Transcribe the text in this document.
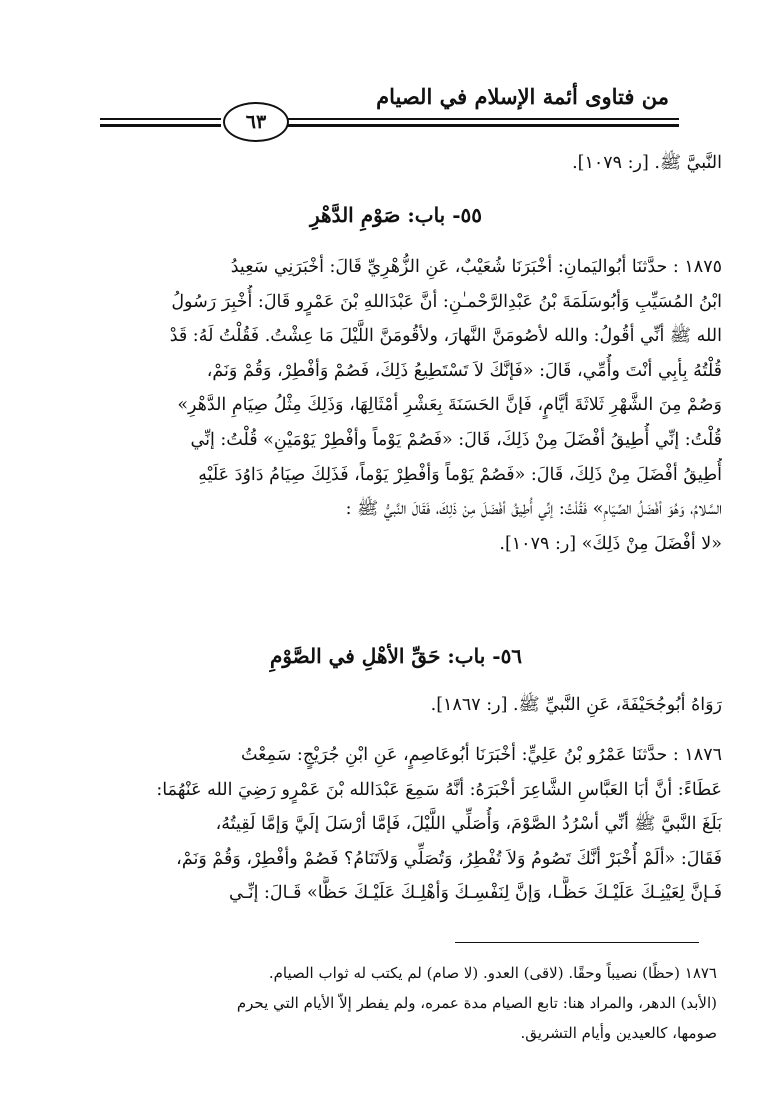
من فتاوى أئمة الإسلام في الصيام
٦٣
النَّبيَّ ﷺ. [ر: ١٠٧٩].
٥٥- باب: صَوْمِ الدَّهْرِ
١٨٧٥ : حدَّثنَا أبُواليَمانِ: أخْبَرَنَا شُعَيْبٌ، عَنِ الزُّهْرِيِّ قَالَ: أخْبَرَنِي سَعِيدُ
ابْنُ المُسَيِّبِ وَأبُوسَلَمَةَ بْنُ عَبْدِالرَّحْمـٰنِ: أنَّ عَبْدَاللهِ بْنَ عَمْرٍو قَالَ: أُخْبِرَ رَسُولُ
الله ﷺ أنِّي أقُولُ: والله لأصُومَنَّ النَّهارَ، ولأقُومَنَّ اللَّيْلَ مَا عِشْتُ. فَقُلْتُ لَهُ: قَدْ
قُلْتُهُ بِأبِي أنْتَ وأُمِّي، قَالَ: «فَإنَّكَ لاَ تَسْتَطِيعُ ذَلِكَ، فَصُمْ وَأفْطِرْ، وَقُمْ وَنَمْ،
وَصُمْ مِنَ الشَّهْرِ ثَلاثَةَ أيَّامٍ، فَإنَّ الحَسَنَةَ بِعَشْرِ أمْثَالِهَا، وَذَلِكَ مِثْلُ صِيَامِ الدَّهْرِ»
قُلْتُ: إنِّي أُطِيقُ أفْضَلَ مِنْ ذَلِكَ، قَالَ: «فَصُمْ يَوْماً وأفْطِرْ يَوْمَيْنِ» قُلْتُ: إنِّي
أُطِيقُ أفْضَلَ مِنْ ذَلِكَ، قَالَ: «فَصُمْ يَوْماً وَأفْطِرْ يَوْماً، فَذَلِكَ صِيَامُ دَاوُدَ عَلَيْهِ
السَّلامُ، وَهُوَ أفْضَلُ الصِّيَامِ» فَقُلْتُ: إنِّي أُطِيقُ أفْضَلَ مِنْ ذَلِكَ، فَقَالَ النَّبيُّ ﷺ :
«لا أفْضَلَ مِنْ ذَلِكَ» [ر: ١٠٧٩].
٥٦- باب: حَقِّ الأهْلِ في الصَّوْمِ
رَوَاهُ أبُوجُحَيْفَةَ، عَنِ النَّبيِّ ﷺ. [ر: ١٨٦٧].
١٨٧٦ : حدَّثنَا عَمْرُو بْنُ عَلِيٍّ: أخْبَرَنَا أبُوعَاصِمٍ، عَنِ ابْنِ جُرَيْجٍ: سَمِعْتُ
عَطَاءً: أنَّ أبَا العَبَّاسِ الشَّاعِرَ أخْبَرَهُ: أنَّهُ سَمِعَ عَبْدَالله بْنَ عَمْرٍو رَضِيَ الله عَنْهُمَا:
بَلَغَ النَّبيَّ ﷺ أنِّي أسْرُدُ الصَّوْمَ، وَأُصَلِّي اللَّيْلَ، فَإمَّا أرْسَلَ إلَيَّ وَإمَّا لَقِيتُهُ،
فَقَالَ: «ألَمْ أُخْبَرْ أنَّكَ تَصُومُ وَلاَ تُفْطِرُ، وَتُصَلِّي وَلاَتَنَامُ؟ فَصُمْ وأفْطِرْ، وَقُمْ وَنَمْ،
فَـإنَّ لِعَيْنِـكَ عَلَيْـكَ حَظًّـا، وَإنَّ لِنَفْسِـكَ وَأهْلِـكَ عَلَيْـكَ حَظًّا» قَـالَ: إنِّـي
١٨٧٦ (حظًا) نصيباً وحقًا. (لاقى) العدو. (لا صام) لم يكتب له ثواب الصيام.
(الأبد) الدهر، والمراد هنا: تابع الصيام مدة عمره، ولم يفطر إلاّ الأيام التي يحرم
صومها، كالعيدين وأيام التشريق.
